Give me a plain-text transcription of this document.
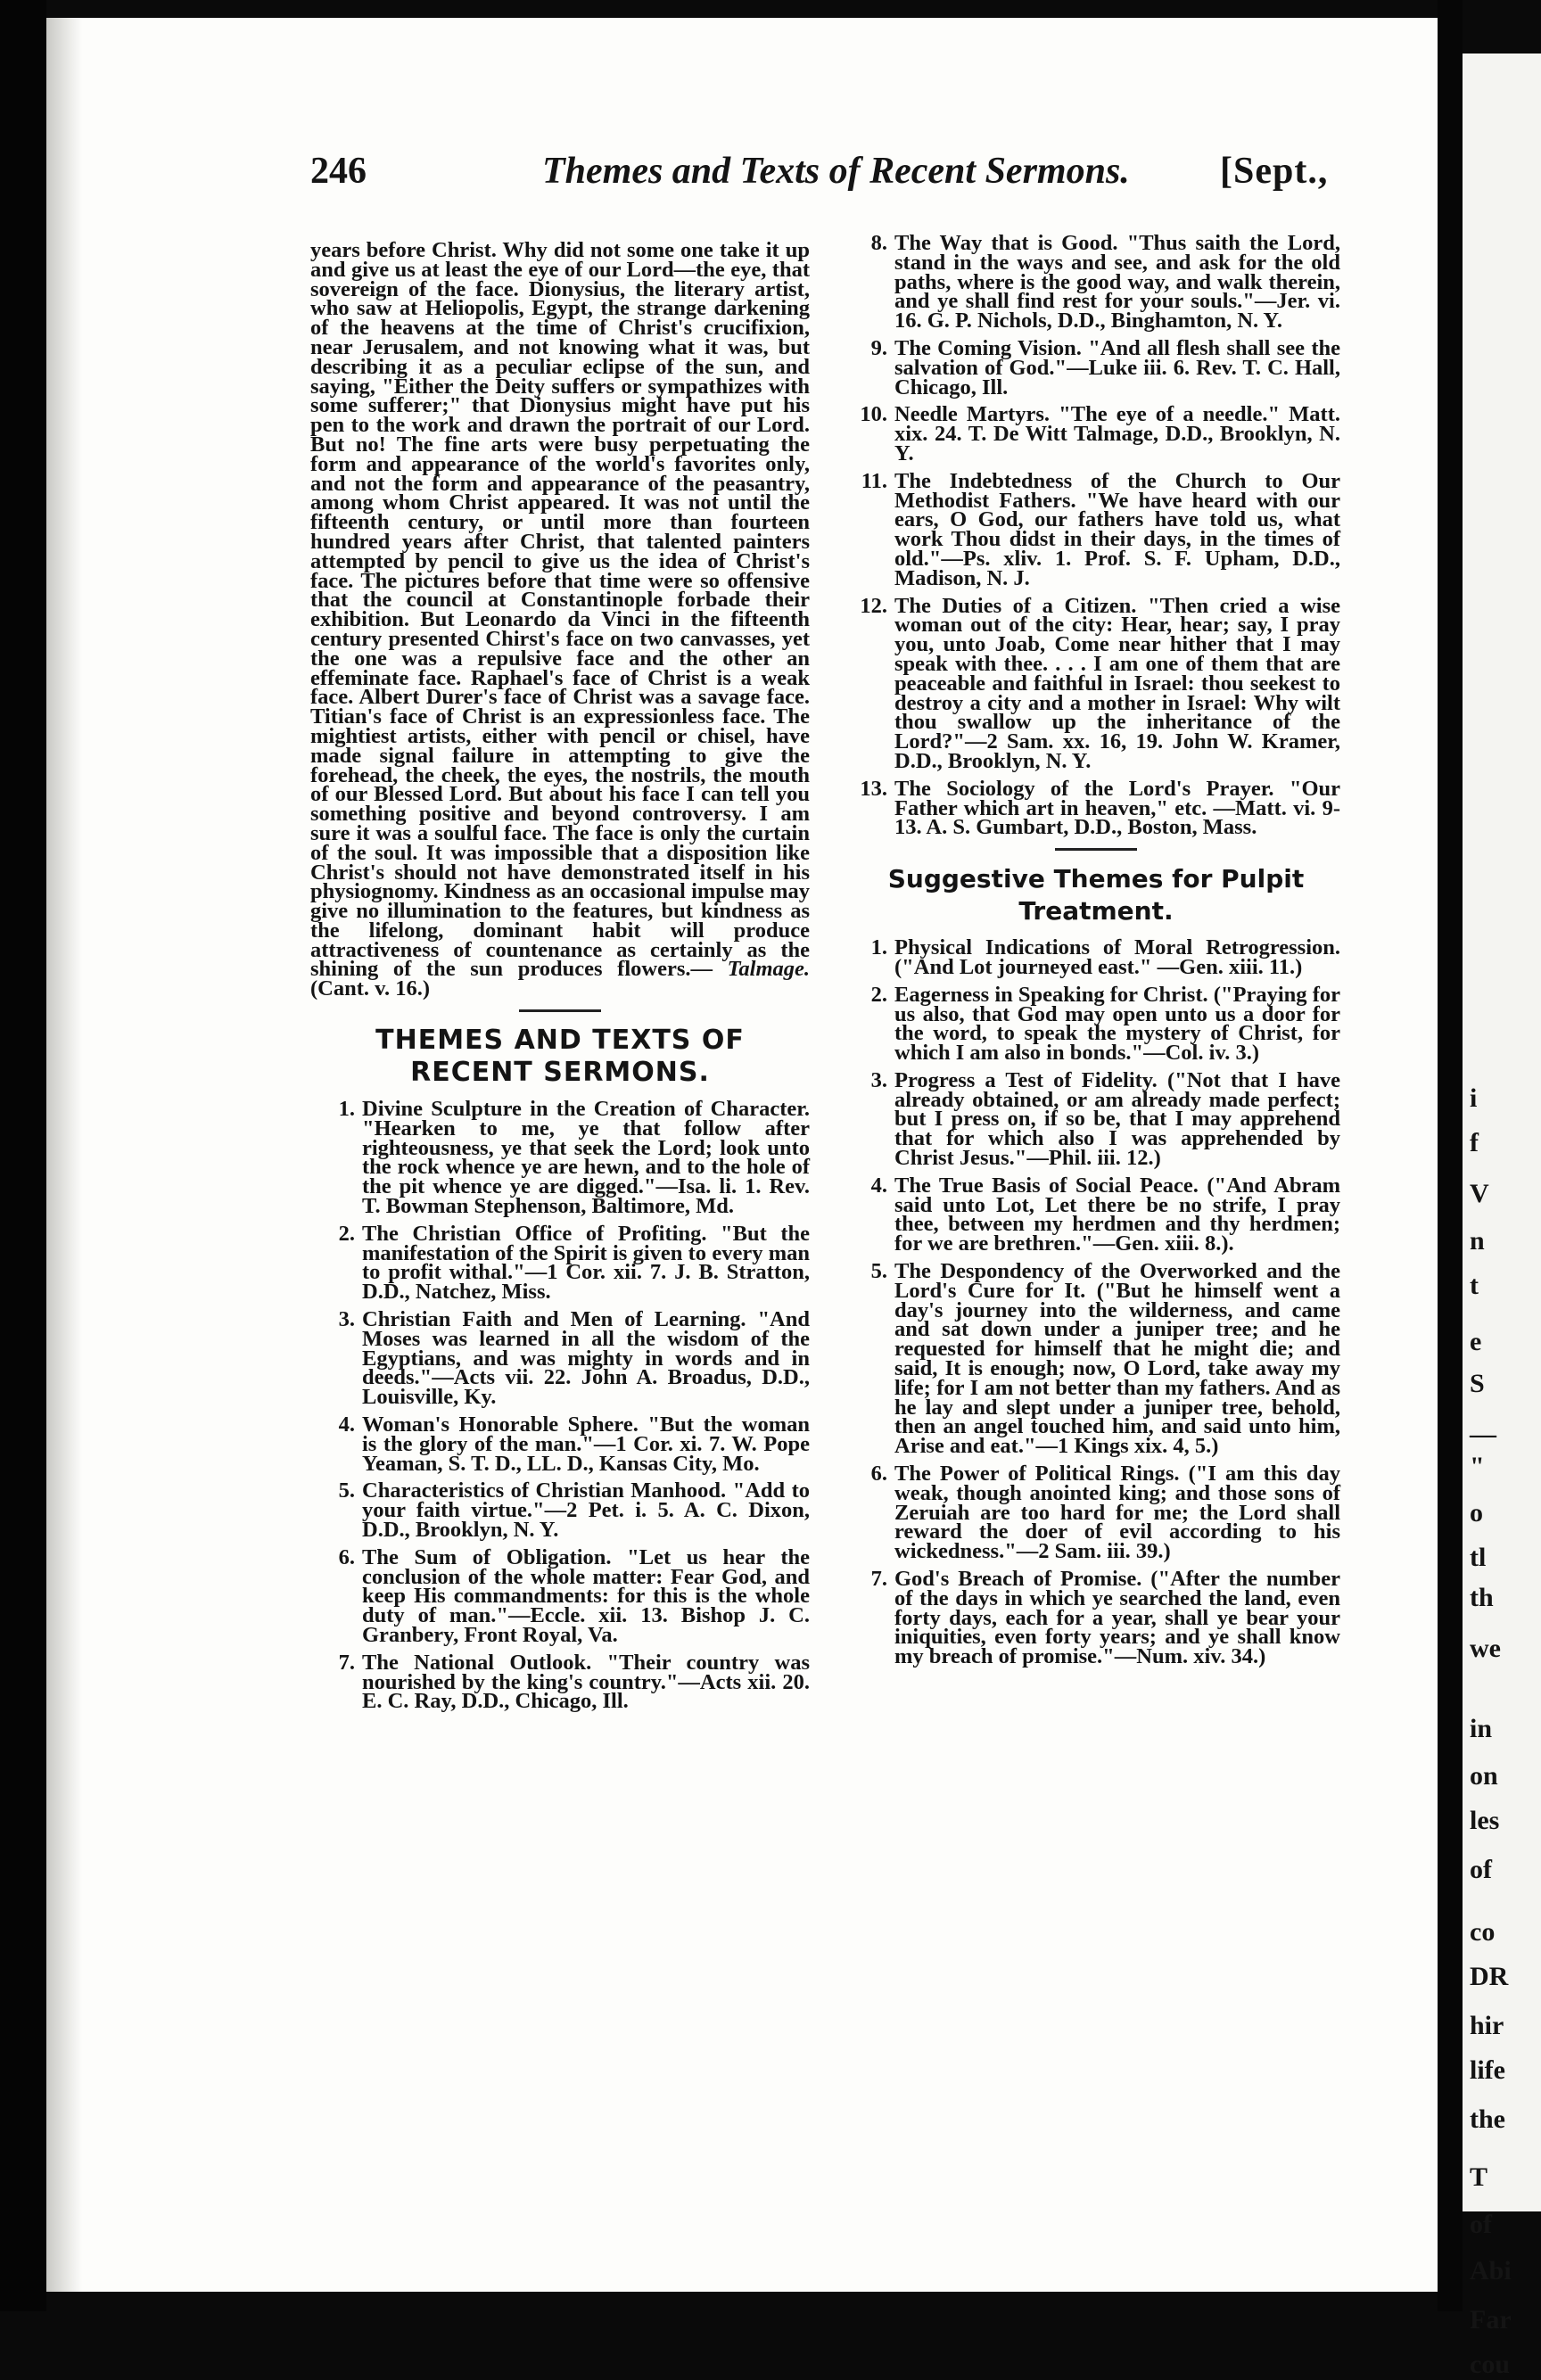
i
f
V
n
t
e
S
—
"
o
tl
th
we
in
on
les
of
co
DR
hir
life
the
T
of
Abi
Far
cou
246	Themes and Texts of Recent Sermons. [Sept.,

years before Christ. Why did not some one take it up and give us at least the eye of our Lord—the eye, that sovereign of the face. Dionysius, the literary artist, who saw at Heliopolis, Egypt, the strange darkening of the heavens at the time of Christ's crucifixion, near Jerusalem, and not knowing what it was, but describing it as a peculiar eclipse of the sun, and saying, "Either the Deity suffers or sympathizes with some sufferer;" that Dionysius might have put his pen to the work and drawn the portrait of our Lord. But no! The fine arts were busy perpetuating the form and appearance of the world's favorites only, and not the form and appearance of the peasantry, among whom Christ appeared. It was not until the fifteenth century, or until more than fourteen hundred years after Christ, that talented painters attempted by pencil to give us the idea of Christ's face. The pictures before that time were so offensive that the council at Constantinople forbade their exhibition. But Leonardo da Vinci in the fifteenth century presented Chirst's face on two canvasses, yet the one was a repulsive face and the other an effeminate face. Raphael's face of Christ is a weak face. Albert Durer's face of Christ was a savage face. Titian's face of Christ is an expressionless face. The mightiest artists, either with pencil or chisel, have made signal failure in attempting to give the forehead, the cheek, the eyes, the nostrils, the mouth of our Blessed Lord. But about his face I can tell you something positive and beyond controversy. I am sure it was a soulful face. The face is only the curtain of the soul. It was impossible that a disposition like Christ's should not have demonstrated itself in his physiognomy. Kindness as an occasional impulse may give no illumination to the features, but kindness as the lifelong, dominant habit will produce attractiveness of countenance as certainly as the shining of the sun produces flowers.— Talmage. (Cant. v. 16.)

THEMES AND TEXTS OF RECENT SERMONS.
1. Divine Sculpture in the Creation of Character. "Hearken to me, ye that follow after righteousness, ye that seek the Lord; look unto the rock whence ye are hewn, and to the hole of the pit whence ye are digged."—Isa. li. 1. Rev. T. Bowman Stephenson, Baltimore, Md.
2. The Christian Office of Profiting. "But the manifestation of the Spirit is given to every man to profit withal."—1 Cor. xii. 7. J. B. Stratton, D.D., Natchez, Miss.
3. Christian Faith and Men of Learning. "And Moses was learned in all the wisdom of the Egyptians, and was mighty in words and in deeds."—Acts vii. 22. John A. Broadus, D.D., Louisville, Ky.
4. Woman's Honorable Sphere. "But the woman is the glory of the man."—1 Cor. xi. 7. W. Pope Yeaman, S. T. D., LL. D., Kansas City, Mo.
5. Characteristics of Christian Manhood. "Add to your faith virtue."—2 Pet. i. 5. A. C. Dixon, D.D., Brooklyn, N. Y.
6. The Sum of Obligation. "Let us hear the conclusion of the whole matter: Fear God, and keep His commandments: for this is the whole duty of man."—Eccle. xii. 13. Bishop J. C. Granbery, Front Royal, Va.
7. The National Outlook. "Their country was nourished by the king's country."—Acts xii. 20. E. C. Ray, D.D., Chicago, Ill.
8. The Way that is Good. "Thus saith the Lord, stand in the ways and see, and ask for the old paths, where is the good way, and walk therein, and ye shall find rest for your souls."—Jer. vi. 16. G. P. Nichols, D.D., Binghamton, N. Y.
9. The Coming Vision. "And all flesh shall see the salvation of God."—Luke iii. 6. Rev. T. C. Hall, Chicago, Ill.
10. Needle Martyrs. "The eye of a needle." Matt. xix. 24. T. De Witt Talmage, D.D., Brooklyn, N. Y.
11. The Indebtedness of the Church to Our Methodist Fathers. "We have heard with our ears, O God, our fathers have told us, what work Thou didst in their days, in the times of old."—Ps. xliv. 1. Prof. S. F. Upham, D.D., Madison, N. J.
12. The Duties of a Citizen. "Then cried a wise woman out of the city: Hear, hear; say, I pray you, unto Joab, Come near hither that I may speak with thee. . . . I am one of them that are peaceable and faithful in Israel: thou seekest to destroy a city and a mother in Israel: Why wilt thou swallow up the inheritance of the Lord?"—2 Sam. xx. 16, 19. John W. Kramer, D.D., Brooklyn, N. Y.
13. The Sociology of the Lord's Prayer. "Our Father which art in heaven," etc. —Matt. vi. 9-13. A. S. Gumbart, D.D., Boston, Mass.
Suggestive Themes for Pulpit Treatment.
1. Physical Indications of Moral Retrogression. ("And Lot journeyed east." —Gen. xiii. 11.)
2. Eagerness in Speaking for Christ. ("Praying for us also, that God may open unto us a door for the word, to speak the mystery of Christ, for which I am also in bonds."—Col. iv. 3.)
3. Progress a Test of Fidelity. ("Not that I have already obtained, or am already made perfect; but I press on, if so be, that I may apprehend that for which also I was apprehended by Christ Jesus."—Phil. iii. 12.)
4. The True Basis of Social Peace. ("And Abram said unto Lot, Let there be no strife, I pray thee, between my herdmen and thy herdmen; for we are brethren."—Gen. xiii. 8.).
5. The Despondency of the Overworked and the Lord's Cure for It. ("But he himself went a day's journey into the wilderness, and came and sat down under a juniper tree; and he requested for himself that he might die; and said, It is enough; now, O Lord, take away my life; for I am not better than my fathers. And as he lay and slept under a juniper tree, behold, then an angel touched him, and said unto him, Arise and eat."—1 Kings xix. 4, 5.)
6. The Power of Political Rings. ("I am this day weak, though anointed king; and those sons of Zeruiah are too hard for me; the Lord shall reward the doer of evil according to his wickedness."—2 Sam. iii. 39.)
7. God's Breach of Promise. ("After the number of the days in which ye searched the land, even forty days, each for a year, shall ye bear your iniquities, even forty years; and ye shall know my breach of promise."—Num. xiv. 34.)
